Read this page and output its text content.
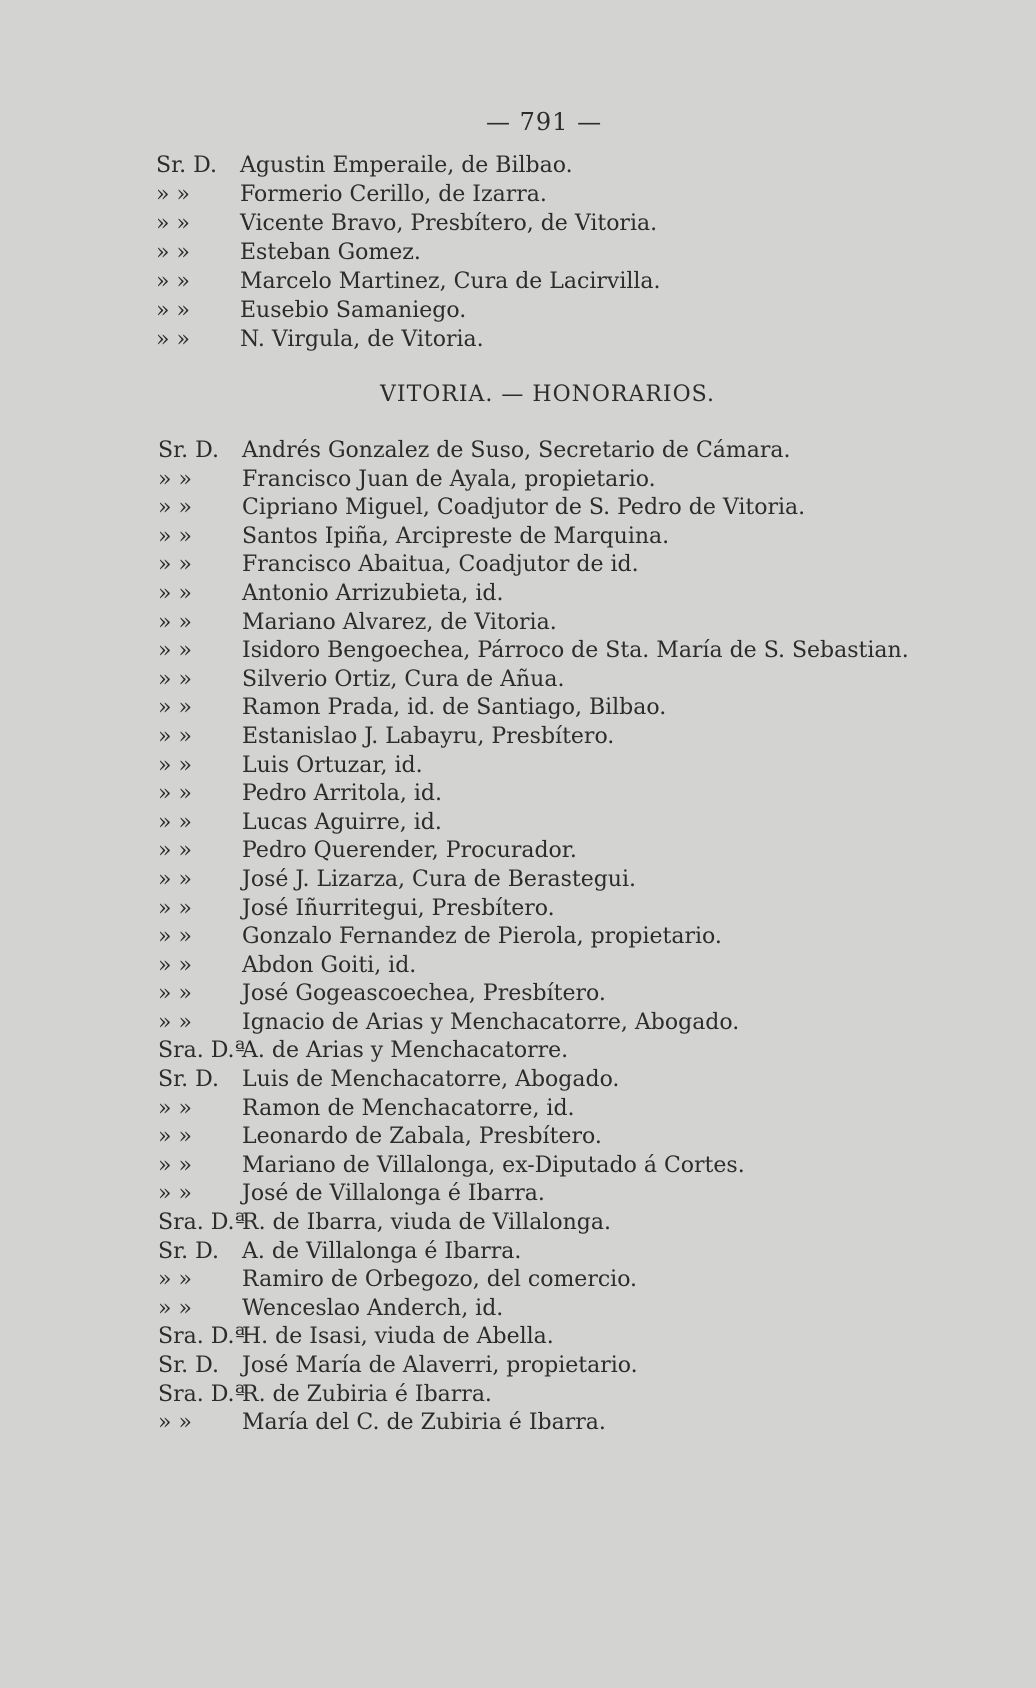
— 791 —
Sr. D. Agustin Emperaile, de Bilbao.
» » Formerio Cerillo, de Izarra.
» » Vicente Bravo, Presbítero, de Vitoria.
» » Esteban Gomez.
» » Marcelo Martinez, Cura de Lacirvilla.
» » Eusebio Samaniego.
» » N. Virgula, de Vitoria.
VITORIA. — HONORARIOS.
Sr. D. Andrés Gonzalez de Suso, Secretario de Cámara.
» » Francisco Juan de Ayala, propietario.
» » Cipriano Miguel, Coadjutor de S. Pedro de Vitoria.
» » Santos Ipiña, Arcipreste de Marquina.
» » Francisco Abaitua, Coadjutor de id.
» » Antonio Arrizubieta, id.
» » Mariano Alvarez, de Vitoria.
» » Isidoro Bengoechea, Párroco de Sta. María de S. Sebastian.
» » Silverio Ortiz, Cura de Añua.
» » Ramon Prada, id. de Santiago, Bilbao.
» » Estanislao J. Labayru, Presbítero.
» » Luis Ortuzar, id.
» » Pedro Arritola, id.
» » Lucas Aguirre, id.
» » Pedro Querender, Procurador.
» » José J. Lizarza, Cura de Berastegui.
» » José Iñurritegui, Presbítero.
» » Gonzalo Fernandez de Pierola, propietario.
» » Abdon Goiti, id.
» » José Gogeascoechea, Presbítero.
» » Ignacio de Arias y Menchacatorre, Abogado.
Sra. D.ªA. de Arias y Menchacatorre.
Sr. D. Luis de Menchacatorre, Abogado.
» » Ramon de Menchacatorre, id.
» » Leonardo de Zabala, Presbítero.
» » Mariano de Villalonga, ex-Diputado á Cortes.
» » José de Villalonga é Ibarra.
Sra. D.ªR. de Ibarra, viuda de Villalonga.
Sr. D. A. de Villalonga é Ibarra.
» » Ramiro de Orbegozo, del comercio.
» » Wenceslao Anderch, id.
Sra. D.ªH. de Isasi, viuda de Abella.
Sr. D. José María de Alaverri, propietario.
Sra. D.ªR. de Zubiria é Ibarra.
» » María del C. de Zubiria é Ibarra.
